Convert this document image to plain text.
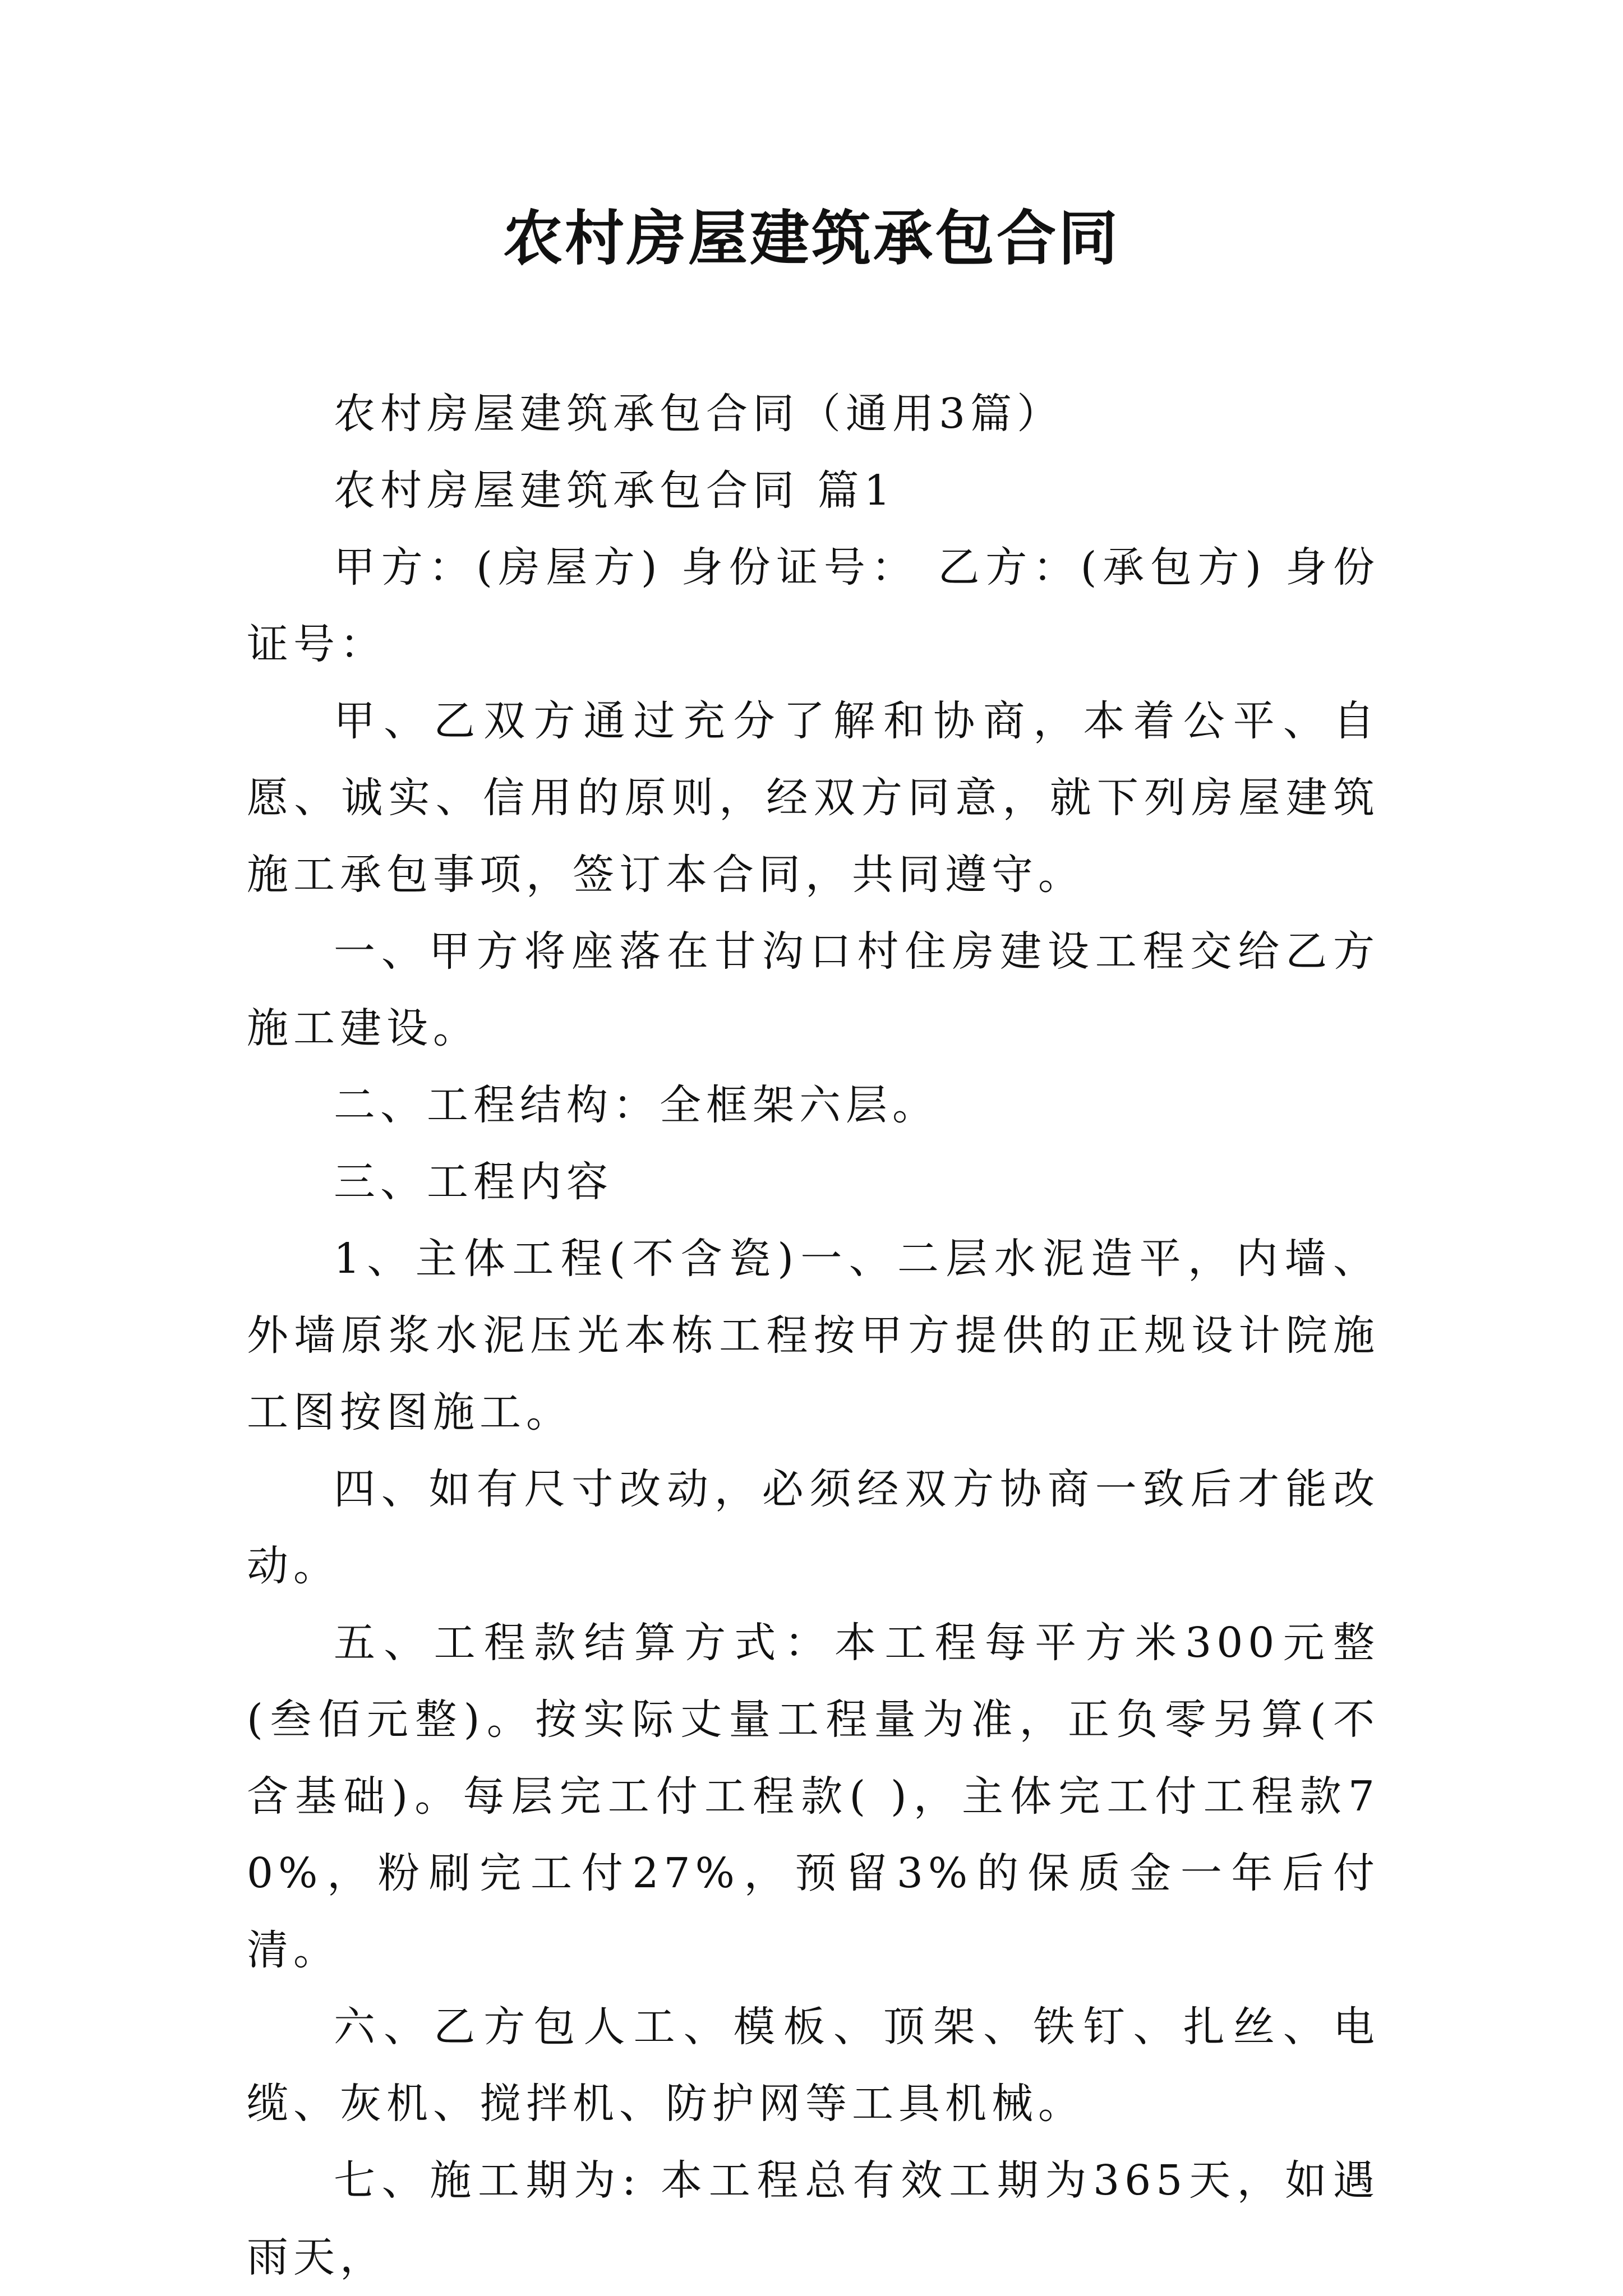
农村房屋建筑承包合同

农村房屋建筑承包合同（通用3篇）

农村房屋建筑承包合同 篇1

甲方：(房屋方) 身份证号： 乙方：(承包方) 身份证号：

甲、乙双方通过充分了解和协商，本着公平、自愿、诚实、信用的原则，经双方同意，就下列房屋建筑施工承包事项，签订本合同，共同遵守。

一、甲方将座落在甘沟口村住房建设工程交给乙方施工建设。

二、工程结构：全框架六层。

三、工程内容

1、主体工程(不含瓷)一、二层水泥造平，内墙、外墙原浆水泥压光本栋工程按甲方提供的正规设计院施工图按图施工。

四、如有尺寸改动，必须经双方协商一致后才能改动。

五、工程款结算方式：本工程每平方米300元整(叁佰元整)。按实际丈量工程量为准，正负零另算(不含基础)。每层完工付工程款( )，主体完工付工程款70%，粉刷完工付27%，预留3%的保质金一年后付清。

六、乙方包人工、模板、顶架、铁钉、扎丝、电缆、灰机、搅拌机、防护网等工具机械。

七、施工期为: 本工程总有效工期为365天，如遇雨天，
